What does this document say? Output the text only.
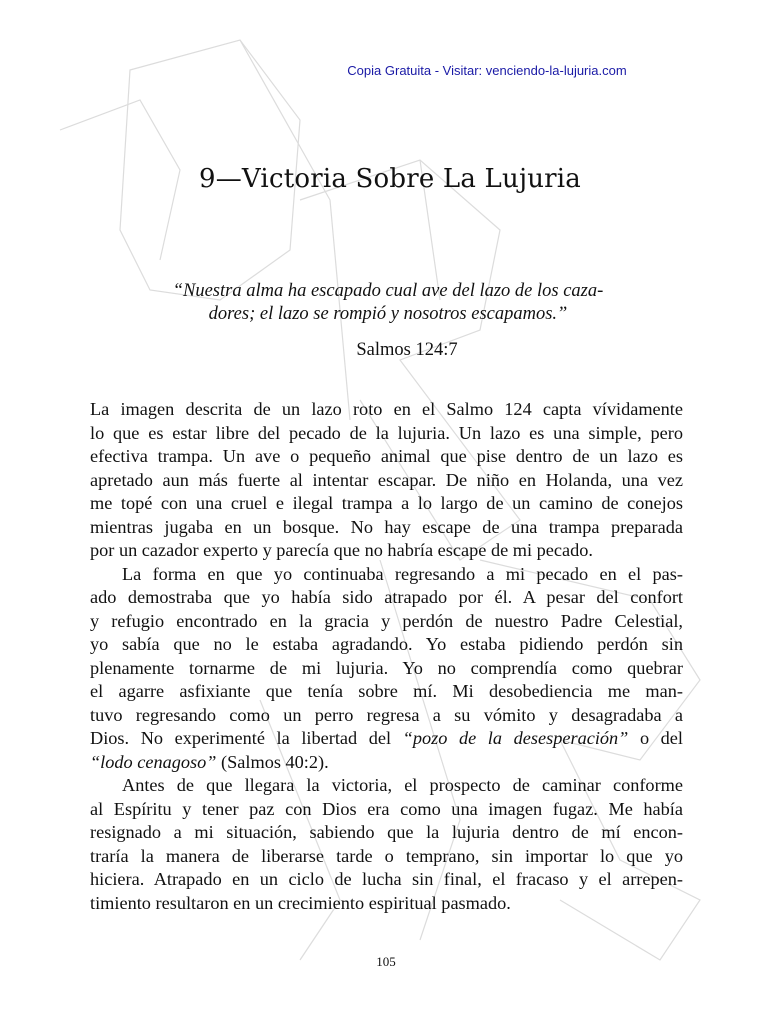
Copia Gratuita - Visitar: venciendo-la-lujuria.com
9—Victoria Sobre La Lujuria
“Nuestra alma ha escapado cual ave del lazo de los caza-
dores; el lazo se rompió y nosotros escapamos.”

Salmos 124:7

La imagen descrita de un lazo roto en el Salmo 124 capta vívidamente
lo que es estar libre del pecado de la lujuria. Un lazo es una simple, pero
efectiva trampa. Un ave o pequeño animal que pise dentro de un lazo es
apretado aun más fuerte al intentar escapar. De niño en Holanda, una vez
me topé con una cruel e ilegal trampa a lo largo de un camino de conejos
mientras jugaba en un bosque. No hay escape de una trampa preparada
por un cazador experto y parecía que no habría escape de mi pecado.
La forma en que yo continuaba regresando a mi pecado en el pas-
ado demostraba que yo había sido atrapado por él. A pesar del confort
y refugio encontrado en la gracia y perdón de nuestro Padre Celestial,
yo sabía que no le estaba agradando. Yo estaba pidiendo perdón sin
plenamente tornarme de mi lujuria. Yo no comprendía como quebrar
el agarre asfixiante que tenía sobre mí. Mi desobediencia me man-
tuvo regresando como un perro regresa a su vómito y desagradaba a
Dios. No experimenté la libertad del “pozo de la desesperación” o del
“lodo cenagoso” (Salmos 40:2).
Antes de que llegara la victoria, el prospecto de caminar conforme
al Espíritu y tener paz con Dios era como una imagen fugaz. Me había
resignado a mi situación, sabiendo que la lujuria dentro de mí encon-
traría la manera de liberarse tarde o temprano, sin importar lo que yo
hiciera. Atrapado en un ciclo de lucha sin final, el fracaso y el arrepen-
timiento resultaron en un crecimiento espiritual pasmado.
105
